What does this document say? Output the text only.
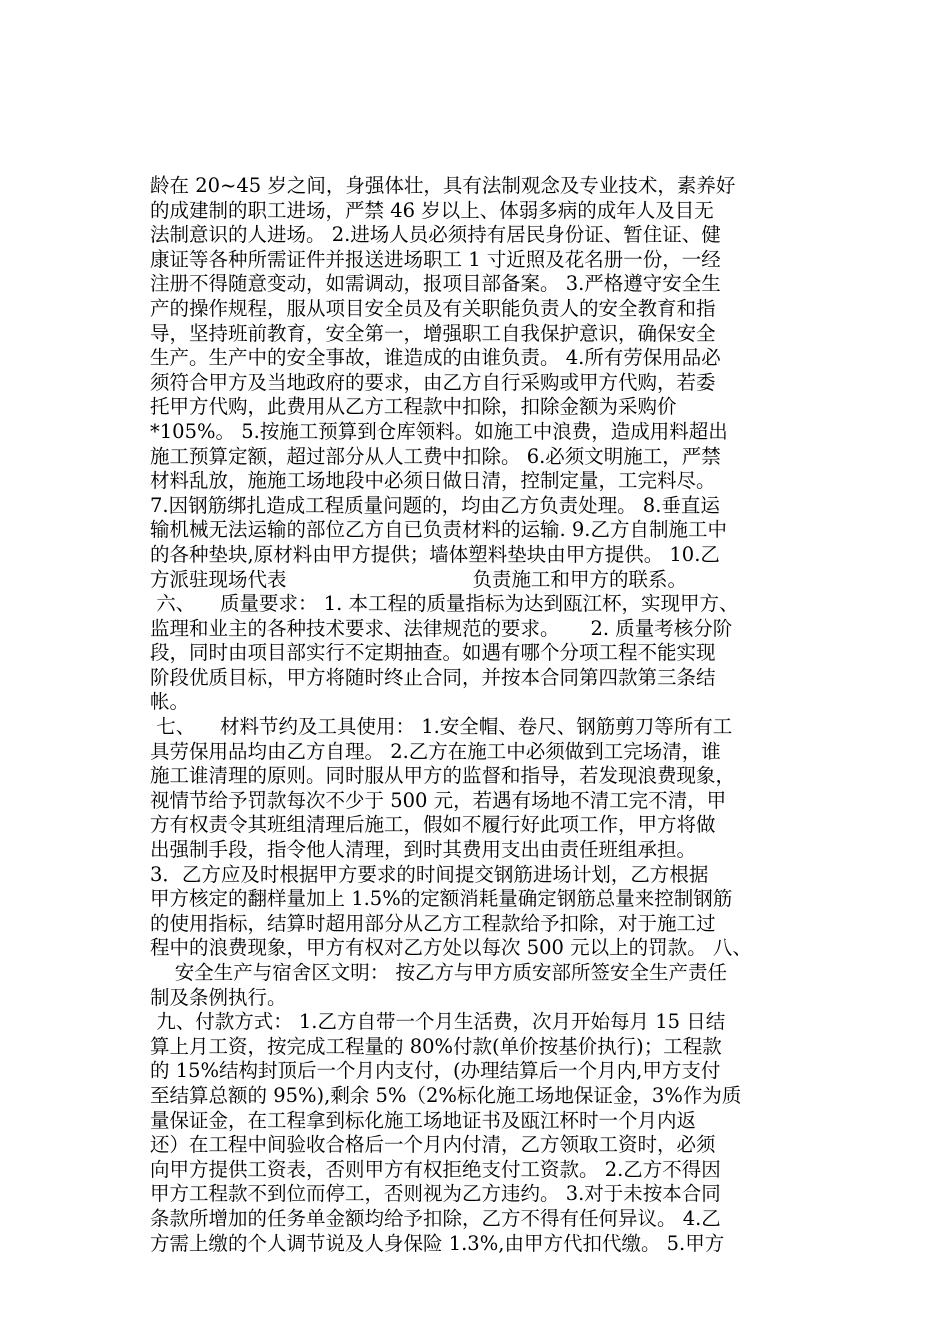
龄在 20~45 岁之间，身强体壮，具有法制观念及专业技术，素养好
的成建制的职工进场，严禁 46 岁以上、体弱多病的成年人及目无
法制意识的人进场。 2.进场人员必须持有居民身份证、暂住证、健
康证等各种所需证件并报送进场职工 1 寸近照及花名册一份，一经
注册不得随意变动，如需调动，报项目部备案。 3.严格遵守安全生
产的操作规程，服从项目安全员及有关职能负责人的安全教育和指
导，坚持班前教育，安全第一，增强职工自我保护意识，确保安全
生产。生产中的安全事故，谁造成的由谁负责。 4.所有劳保用品必
须符合甲方及当地政府的要求，由乙方自行采购或甲方代购，若委
托甲方代购，此费用从乙方工程款中扣除，扣除金额为采购价
*105%。 5.按施工预算到仓库领料。如施工中浪费，造成用料超出
施工预算定额，超过部分从人工费中扣除。 6.必须文明施工，严禁
材料乱放，施施工场地段中必须日做日清，控制定量，工完料尽。
7.因钢筋绑扎造成工程质量问题的，均由乙方负责处理。 8.垂直运
输机械无法运输的部位乙方自已负责材料的运输. 9.乙方自制施工中
的各种垫块,原材料由甲方提供；墙体塑料垫块由甲方提供。 10.乙
方派驻现场代表                              负责施工和甲方的联系。
六、    质量要求： 1. 本工程的质量指标为达到瓯江杯，实现甲方、
监理和业主的各种技术要求、法律规范的要求。     2. 质量考核分阶
段，同时由项目部实行不定期抽查。如遇有哪个分项工程不能实现
阶段优质目标，甲方将随时终止合同，并按本合同第四款第三条结
帐。
七、    材料节约及工具使用： 1.安全帽、卷尺、钢筋剪刀等所有工
具劳保用品均由乙方自理。 2.乙方在施工中必须做到工完场清，谁
施工谁清理的原则。同时服从甲方的监督和指导，若发现浪费现象，
视情节给予罚款每次不少于 500 元，若遇有场地不清工完不清，甲
方有权责令其班组清理后施工，假如不履行好此项工作，甲方将做
出强制手段，指令他人清理，到时其费用支出由责任班组承担。
3．乙方应及时根据甲方要求的时间提交钢筋进场计划，乙方根据
甲方核定的翻样量加上 1.5%的定额消耗量确定钢筋总量来控制钢筋
的使用指标，结算时超用部分从乙方工程款给予扣除，对于施工过
程中的浪费现象，甲方有权对乙方处以每次 500 元以上的罚款。 八、
安全生产与宿舍区文明： 按乙方与甲方质安部所签安全生产责任
制及条例执行。
九、付款方式： 1.乙方自带一个月生活费，次月开始每月 15 日结
算上月工资，按完成工程量的 80%付款(单价按基价执行)；工程款
的 15%结构封顶后一个月内支付，(办理结算后一个月内,甲方支付
至结算总额的 95%),剩余 5%（2%标化施工场地保证金，3%作为质
量保证金，在工程拿到标化施工场地证书及瓯江杯时一个月内返
还）在工程中间验收合格后一个月内付清，乙方领取工资时，必须
向甲方提供工资表，否则甲方有权拒绝支付工资款。 2.乙方不得因
甲方工程款不到位而停工，否则视为乙方违约。 3.对于未按本合同
条款所增加的任务单金额均给予扣除，乙方不得有任何异议。 4.乙
方需上缴的个人调节说及人身保险 1.3%,由甲方代扣代缴。 5.甲方
